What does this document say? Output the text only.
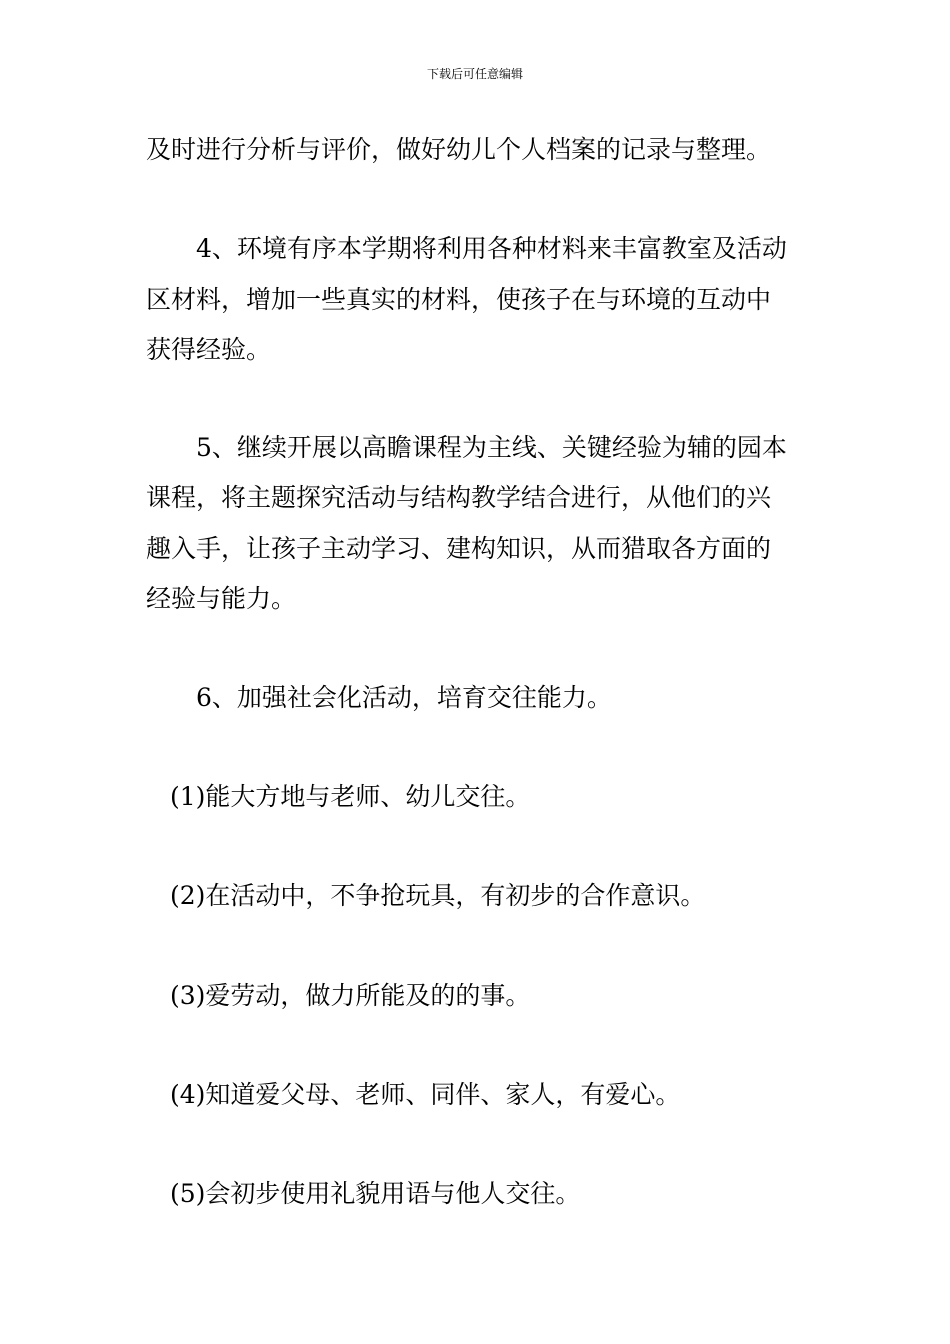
下载后可任意编辑
及时进行分析与评价，做好幼儿个人档案的记录与整理。
4、环境有序本学期将利用各种材料来丰富教室及活动
区材料，增加一些真实的材料，使孩子在与环境的互动中
获得经验。
5、继续开展以高瞻课程为主线、关键经验为辅的园本
课程，将主题探究活动与结构教学结合进行，从他们的兴
趣入手，让孩子主动学习、建构知识，从而猎取各方面的
经验与能力。
6、加强社会化活动，培育交往能力。
(1)能大方地与老师、幼儿交往。
(2)在活动中，不争抢玩具，有初步的合作意识。
(3)爱劳动，做力所能及的的事。
(4)知道爱父母、老师、同伴、家人，有爱心。
(5)会初步使用礼貌用语与他人交往。
